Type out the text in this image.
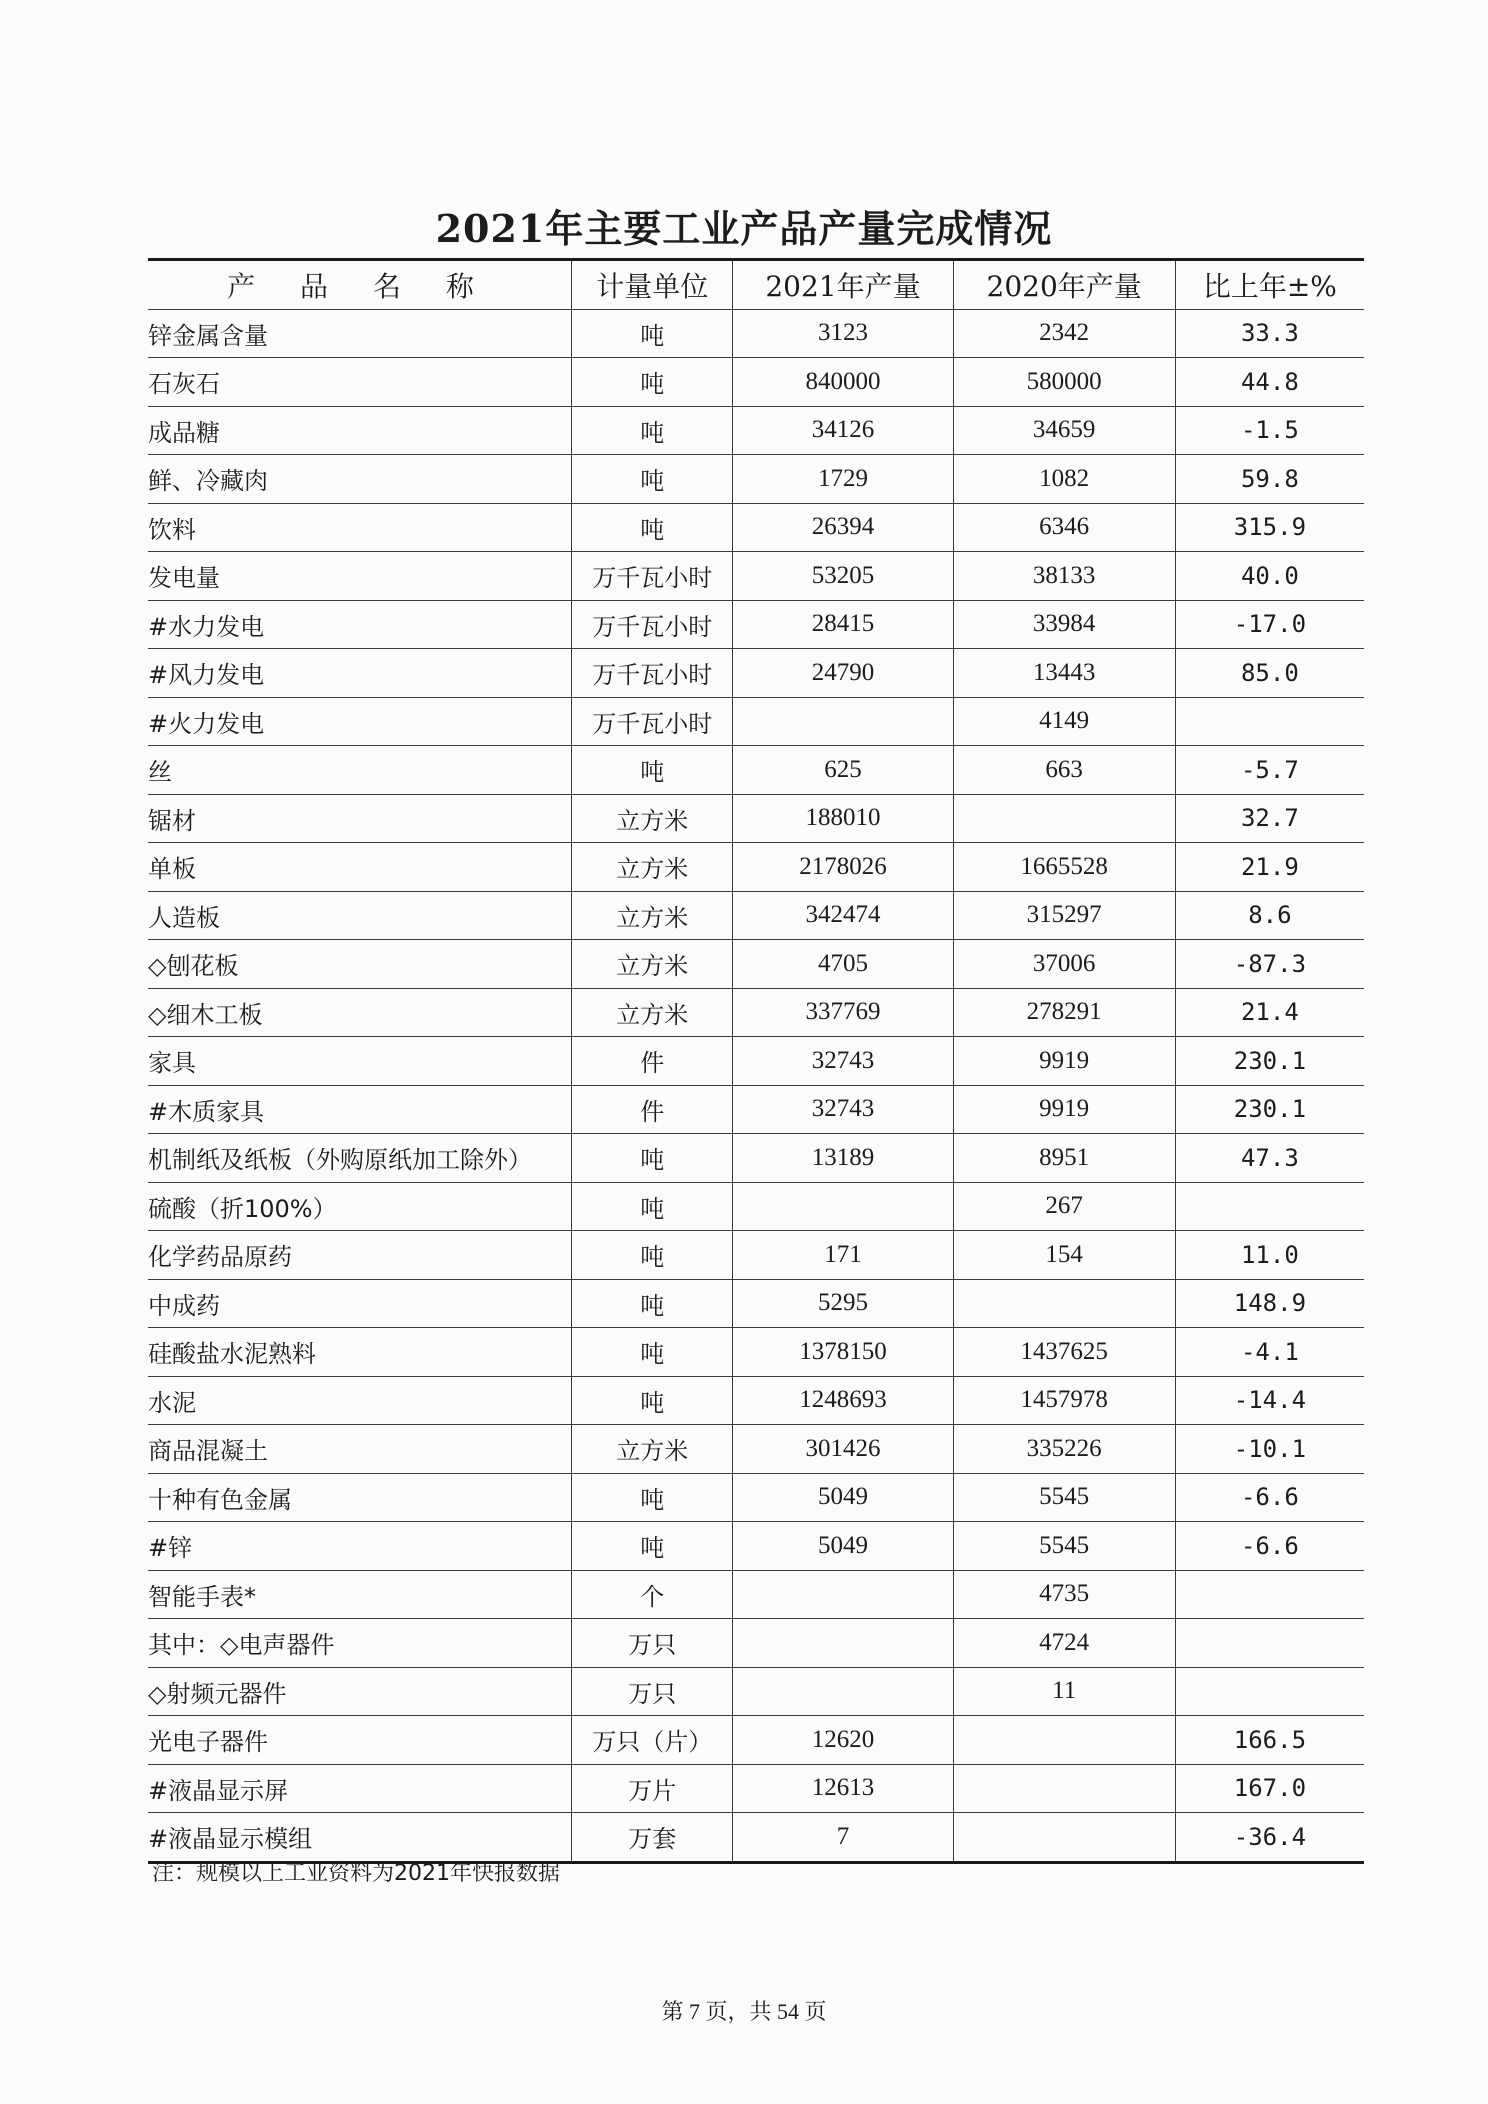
2021年主要工业产品产量完成情况
产 品 名 称	计量单位	2021年产量	2020年产量	比上年±%
锌金属含量	吨	3123	2342	33.3
石灰石	吨	840000	580000	44.8
成品糖	吨	34126	34659	-1.5
鲜、冷藏肉	吨	1729	1082	59.8
饮料	吨	26394	6346	315.9
发电量	万千瓦小时	53205	38133	40.0
#水力发电	万千瓦小时	28415	33984	-17.0
#风力发电	万千瓦小时	24790	13443	85.0
#火力发电	万千瓦小时		4149	
丝	吨	625	663	-5.7
锯材	立方米	188010		32.7
单板	立方米	2178026	1665528	21.9
人造板	立方米	342474	315297	8.6
◇刨花板	立方米	4705	37006	-87.3
◇细木工板	立方米	337769	278291	21.4
家具	件	32743	9919	230.1
#木质家具	件	32743	9919	230.1
机制纸及纸板（外购原纸加工除外）	吨	13189	8951	47.3
硫酸（折100%）	吨		267	
化学药品原药	吨	171	154	11.0
中成药	吨	5295		148.9
硅酸盐水泥熟料	吨	1378150	1437625	-4.1
水泥	吨	1248693	1457978	-14.4
商品混凝土	立方米	301426	335226	-10.1
十种有色金属	吨	5049	5545	-6.6
#锌	吨	5049	5545	-6.6
智能手表*	个		4735	
其中：◇电声器件	万只		4724	
◇射频元器件	万只		11	
光电子器件	万只（片）	12620		166.5
#液晶显示屏	万片	12613		167.0
#液晶显示模组	万套	7		-36.4
注：规模以上工业资料为2021年快报数据
第 7 页，共 54 页
